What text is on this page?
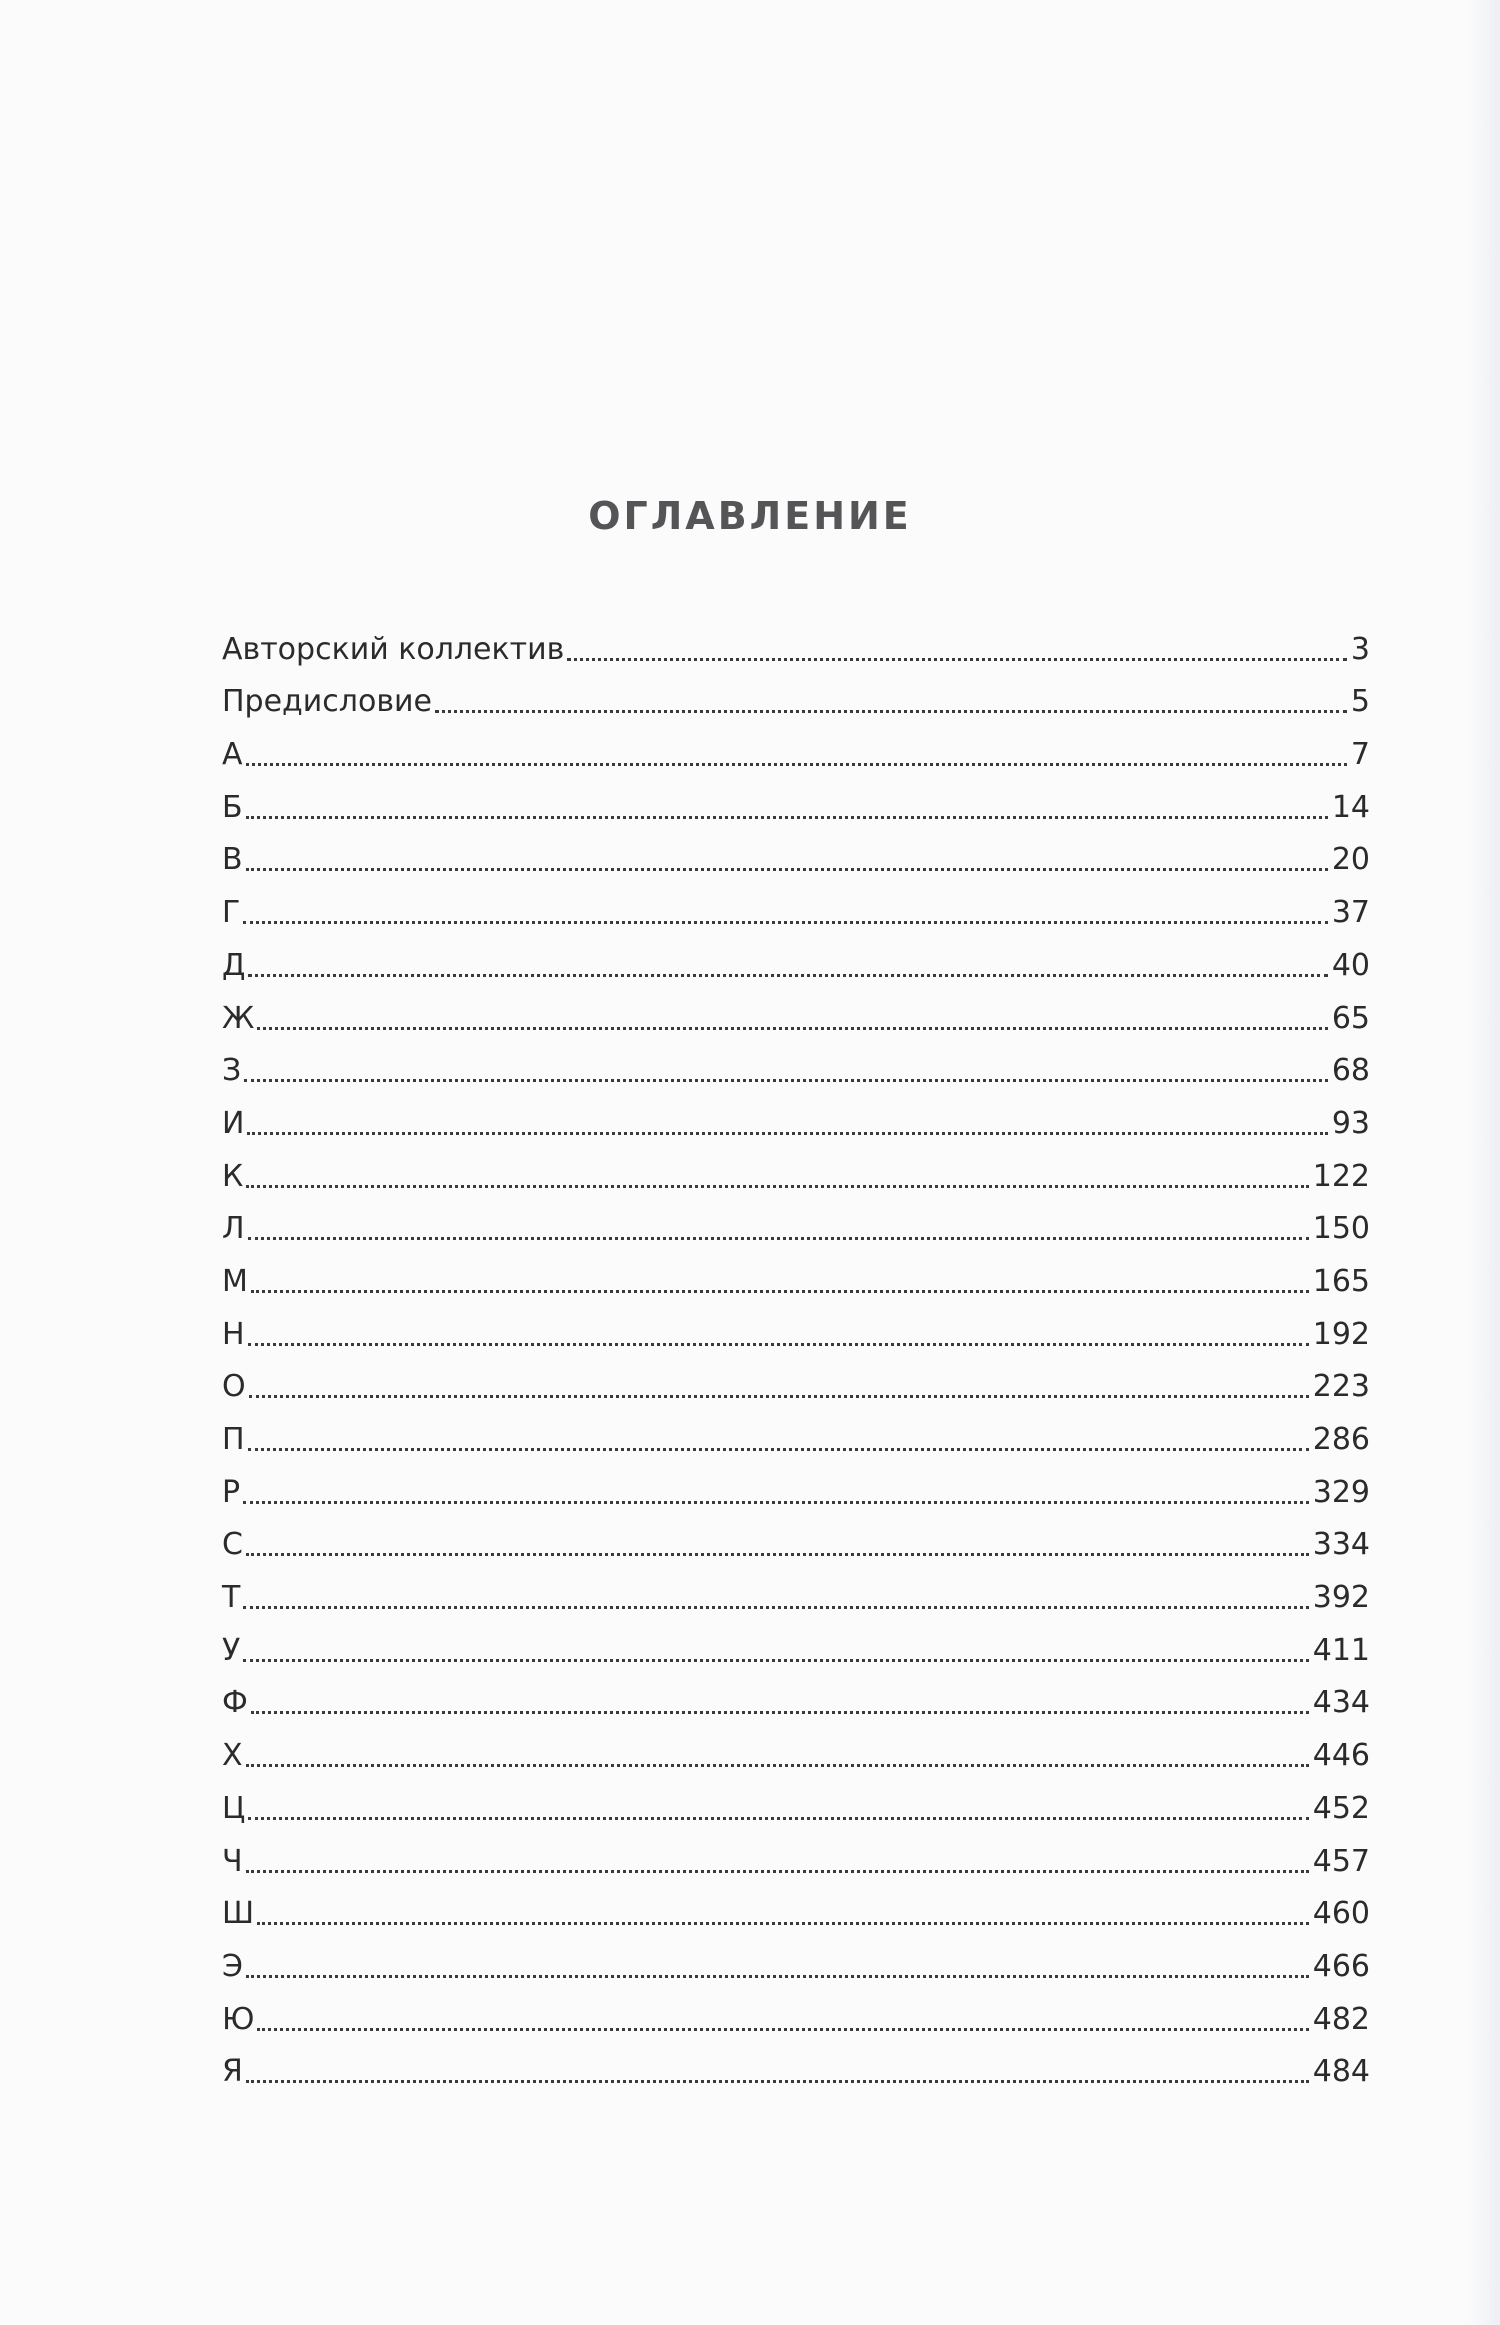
ОГЛАВЛЕНИЕ
Авторский коллектив	3
Предисловие	5
А	7
Б	14
В	20
Г	37
Д	40
Ж	65
З	68
И	93
К	122
Л	150
М	165
Н	192
О	223
П	286
Р	329
С	334
Т	392
У	411
Ф	434
Х	446
Ц	452
Ч	457
Ш	460
Э	466
Ю	482
Я	484
